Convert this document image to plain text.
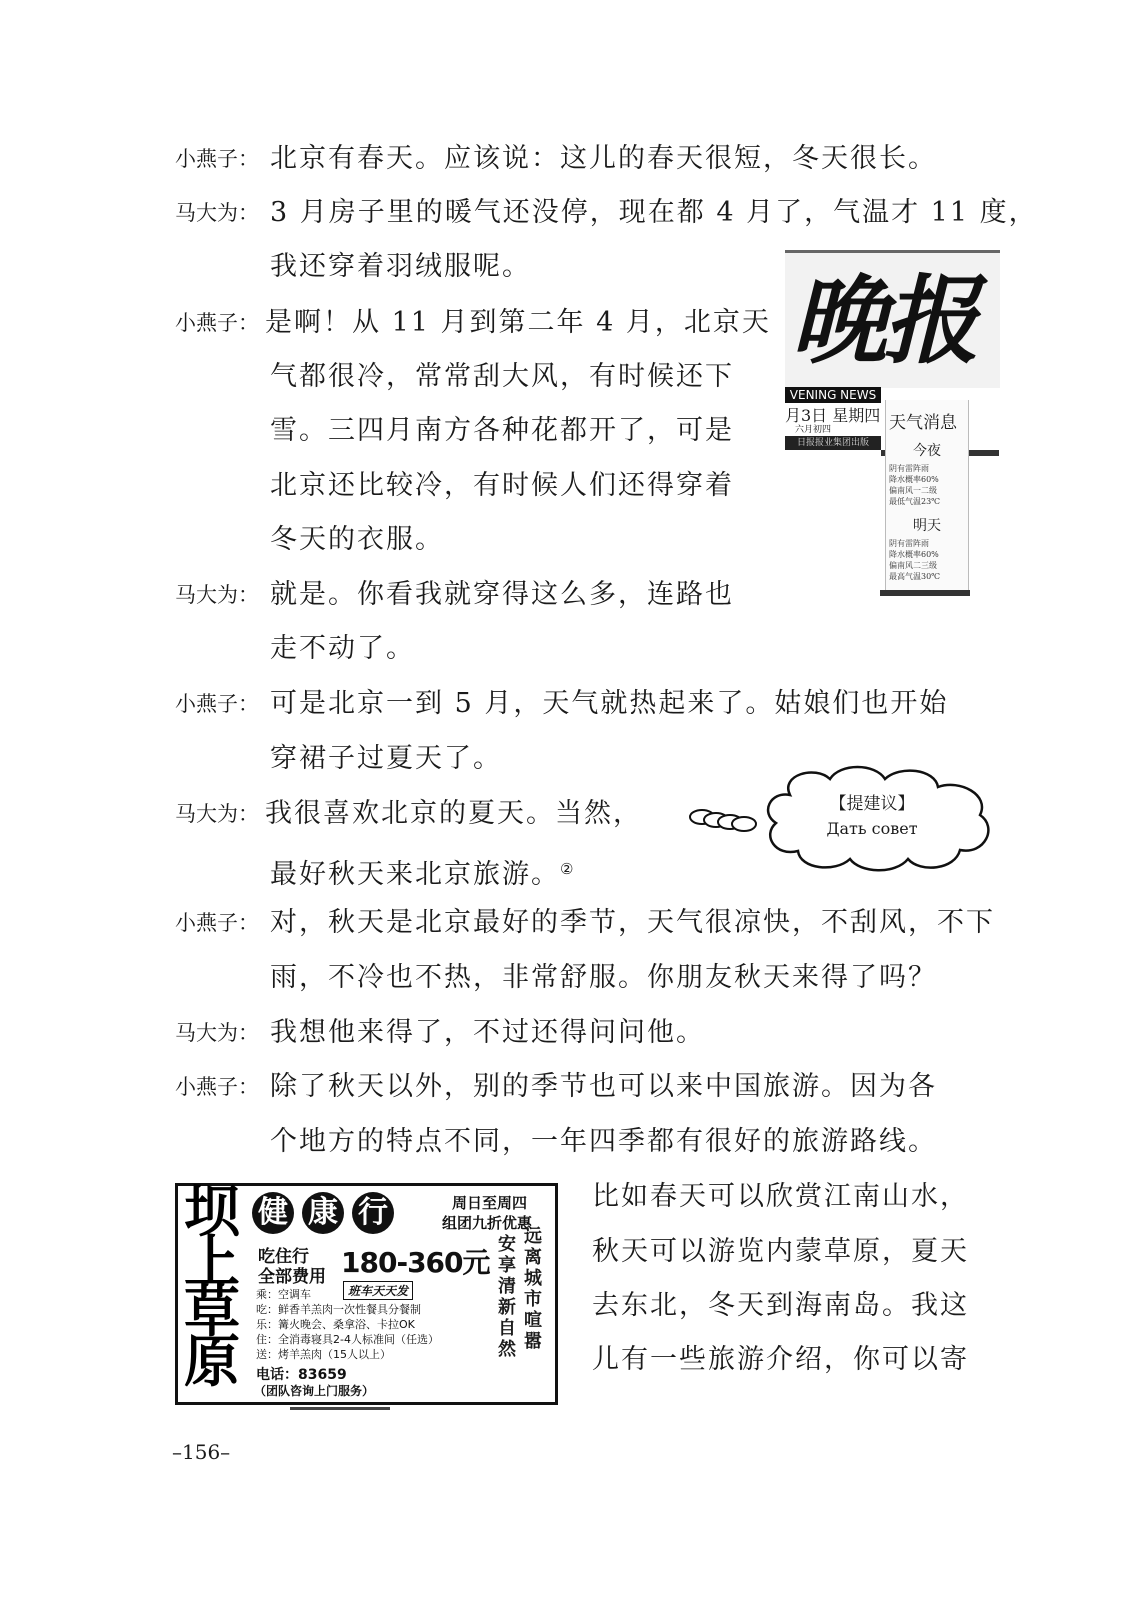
小燕子： 北京有春天。应该说：这儿的春天很短，冬天很长。
马大为： 3 月房子里的暖气还没停，现在都 4 月了，气温才 11 度，
我还穿着羽绒服呢。
小燕子： 是啊！从 11 月到第二年 4 月，北京天
气都很冷，常常刮大风，有时候还下
雪。三四月南方各种花都开了，可是
北京还比较冷，有时候人们还得穿着
冬天的衣服。
马大为： 就是。你看我就穿得这么多，连路也
走不动了。
小燕子： 可是北京一到 5 月，天气就热起来了。姑娘们也开始
穿裙子过夏天了。
马大为： 我很喜欢北京的夏天。当然，
最好秋天来北京旅游。②
小燕子： 对，秋天是北京最好的季节，天气很凉快，不刮风，不下
雨，不冷也不热，非常舒服。你朋友秋天来得了吗？
马大为： 我想他来得了，不过还得问问他。
小燕子： 除了秋天以外，别的季节也可以来中国旅游。因为各
个地方的特点不同，一年四季都有很好的旅游路线。
比如春天可以欣赏江南山水，
秋天可以游览内蒙草原，夏天
去东北，冬天到海南岛。我这
儿有一些旅游介绍，你可以寄
晚报
VENING NEWS
月3日 星期四
六月初四
日报报业集团出版
天气消息
今夜
阴有雷阵雨
降水概率60%
偏南风一二级
最低气温23℃
明天
阴有雷阵雨
降水概率60%
偏南风二三级
最高气温30℃
【提建议】
Дать совет
坝
上
草
原
健 康 行	周日至周四
组团九折优惠
吃住行
全部费用 180-360元
班车天天发
乘：空调车
吃：鲜香羊羔肉一次性餐具分餐制
乐：篝火晚会、桑拿浴、卡拉OK
住：全消毒寝具2-4人标准间（任选）
送：烤羊羔肉（15人以上）
电话：83659
（团队咨询上门服务）
安
享
清
新
自
然
远
离
城
市
喧
嚣
–156–
